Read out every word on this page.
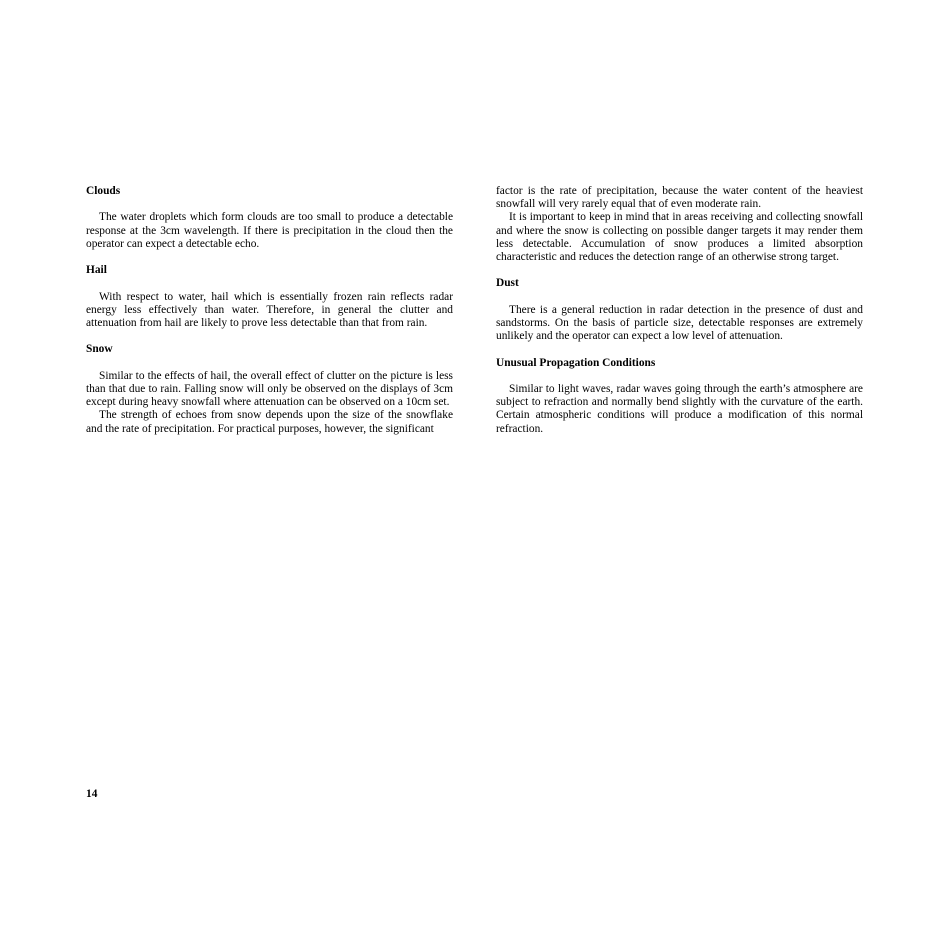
Clouds

The water droplets which form clouds are too small to produce a detectable response at the 3cm wavelength. If there is precipitation in the cloud then the operator can expect a detectable echo.

Hail

With respect to water, hail which is essentially frozen rain reflects radar energy less effectively than water. Therefore, in general the clutter and attenuation from hail are likely to prove less detectable than that from rain.

Snow

Similar to the effects of hail, the overall effect of clutter on the picture is less than that due to rain. Falling snow will only be observed on the displays of 3cm except during heavy snowfall where attenuation can be observed on a 10cm set.

The strength of echoes from snow depends upon the size of the snowflake and the rate of precipitation. For practical purposes, however, the significant

factor is the rate of precipitation, because the water content of the heaviest snowfall will very rarely equal that of even moderate rain.

It is important to keep in mind that in areas receiving and collecting snowfall and where the snow is collecting on possible danger targets it may render them less detectable. Accumulation of snow produces a limited absorption characteristic and reduces the detection range of an otherwise strong target.

Dust

There is a general reduction in radar detection in the presence of dust and sandstorms. On the basis of particle size, detectable responses are extremely unlikely and the operator can expect a low level of attenuation.

Unusual Propagation Conditions

Similar to light waves, radar waves going through the earth’s atmosphere are subject to refraction and normally bend slightly with the curvature of the earth. Certain atmospheric conditions will produce a modification of this normal refraction.

14
